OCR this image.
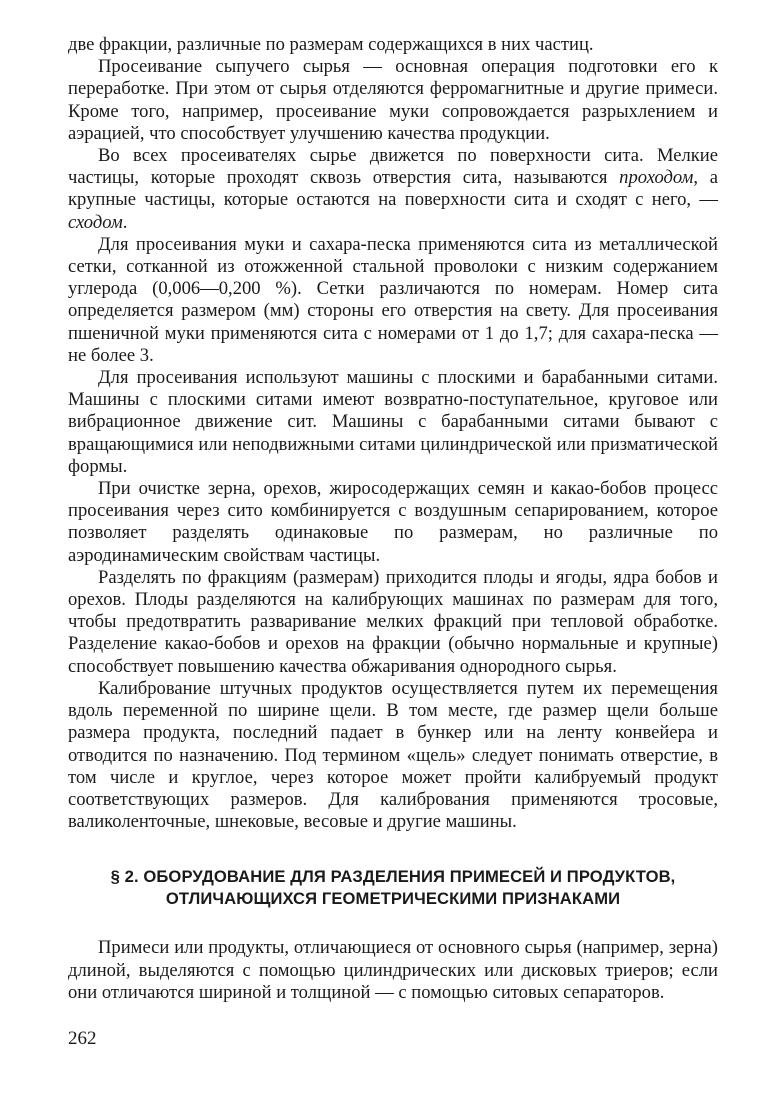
две фракции, различные по размерам содержащихся в них частиц.

Просеивание сыпучего сырья — основная операция подготовки его к переработке. При этом от сырья отделяются ферромагнитные и другие примеси. Кроме того, например, просеивание муки сопровождается разрыхлением и аэрацией, что способствует улучшению качества продукции.

Во всех просеивателях сырье движется по поверхности сита. Мелкие частицы, которые проходят сквозь отверстия сита, называются проходом, а крупные частицы, которые остаются на поверхности сита и сходят с него, — сходом.

Для просеивания муки и сахара-песка применяются сита из металлической сетки, сотканной из отожженной стальной проволоки с низким содержанием углерода (0,006—0,200 %). Сетки различаются по номерам. Номер сита определяется размером (мм) стороны его отверстия на свету. Для просеивания пшеничной муки применяются сита с номерами от 1 до 1,7; для сахара-песка — не более 3.

Для просеивания используют машины с плоскими и барабанными ситами. Машины с плоскими ситами имеют возвратно-поступательное, круговое или вибрационное движение сит. Машины с барабанными ситами бывают с вращающимися или неподвижными ситами цилиндрической или призматической формы.

При очистке зерна, орехов, жиросодержащих семян и какао-бобов процесс просеивания через сито комбинируется с воздушным сепарированием, которое позволяет разделять одинаковые по размерам, но различные по аэродинамическим свойствам частицы.

Разделять по фракциям (размерам) приходится плоды и ягоды, ядра бобов и орехов. Плоды разделяются на калибрующих машинах по размерам для того, чтобы предотвратить разваривание мелких фракций при тепловой обработке. Разделение какао-бобов и орехов на фракции (обычно нормальные и крупные) способствует повышению качества обжаривания однородного сырья.

Калибрование штучных продуктов осуществляется путем их перемещения вдоль переменной по ширине щели. В том месте, где размер щели больше размера продукта, последний падает в бункер или на ленту конвейера и отводится по назначению. Под термином «щель» следует понимать отверстие, в том числе и круглое, через которое может пройти калибруемый продукт соответствующих размеров. Для калибрования применяются тросовые, валиколенточные, шнековые, весовые и другие машины.

§ 2. ОБОРУДОВАНИЕ ДЛЯ РАЗДЕЛЕНИЯ ПРИМЕСЕЙ И ПРОДУКТОВ,
ОТЛИЧАЮЩИХСЯ ГЕОМЕТРИЧЕСКИМИ ПРИЗНАКАМИ

Примеси или продукты, отличающиеся от основного сырья (например, зерна) длиной, выделяются с помощью цилиндрических или дисковых триеров; если они отличаются шириной и толщиной — с помощью ситовых сепараторов.

262
